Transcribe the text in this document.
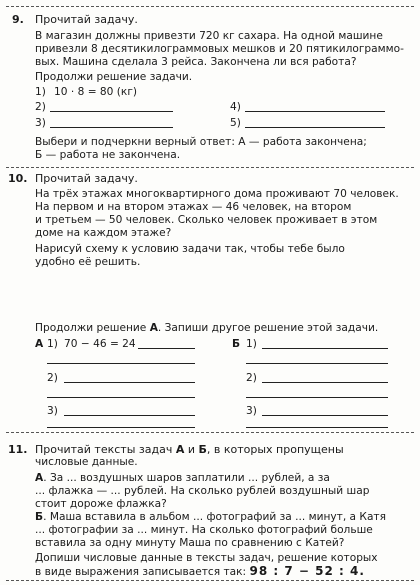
9. Прочитай задачу.
В магазин должны привезти 720 кг сахара. На одной машине
привезли 8 десятикилограммовых мешков и 20 пятикилограммо-
вых. Машина сделала 3 рейса. Закончена ли вся работа?
Продолжи решение задачи.
1) 10 · 8 = 80 (кг)
2)	4)
3)	5)
Выбери и подчеркни верный ответ: А — работа закончена;
Б — работа не закончена.
10. Прочитай задачу.
На трёх этажах многоквартирного дома проживают 70 человек.
На первом и на втором этажах — 46 человек, на втором
и третьем — 50 человек. Сколько человек проживает в этом
доме на каждом этаже?
Нарисуй схему к условию задачи так, чтобы тебе было
удобно её решить.
Продолжи решение А. Запиши другое решение этой задачи.
А 1) 70 − 46 = 24
2)
3)
Б 1)
2)
3)
11. Прочитай тексты задач А и Б, в которых пропущены
числовые данные.
А. За ... воздушных шаров заплатили ... рублей, а за
... флажка — ... рублей. На сколько рублей воздушный шар
стоит дороже флажка?
Б. Маша вставила в альбом ... фотографий за ... минут, а Катя
... фотографии за ... минут. На сколько фотографий больше
вставила за одну минуту Маша по сравнению с Катей?
Допиши числовые данные в тексты задач, решение которых
в виде выражения записывается так: 98 : 7 − 52 : 4.
